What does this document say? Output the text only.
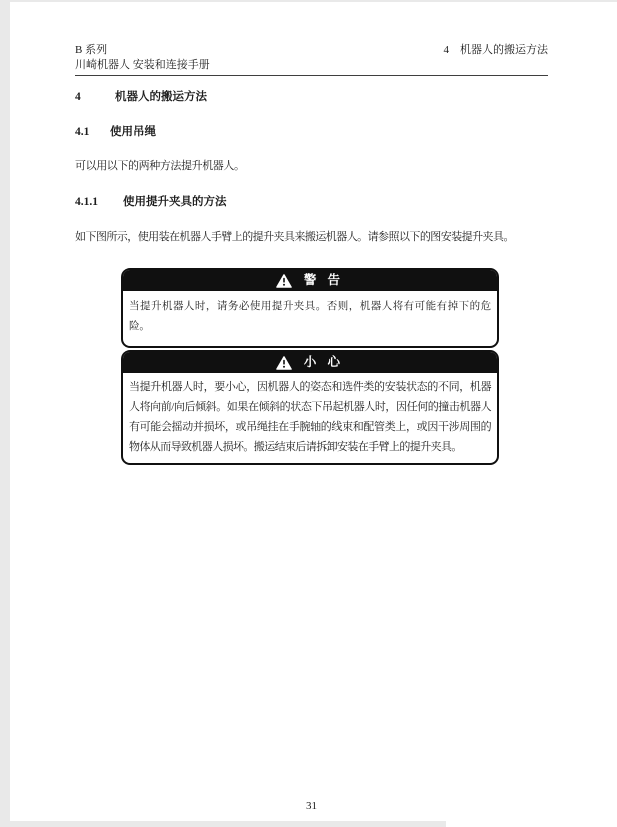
B 系列	4　机器人的搬运方法
川崎机器人 安装和连接手册
4	机器人的搬运方法
4.1 使用吊绳
可以用以下的两种方法提升机器人。
4.1.1 使用提升夹具的方法
如下图所示，使用装在机器人手臂上的提升夹具来搬运机器人。请参照以下的图安装提升夹具。
警 告
当提升机器人时，请务必使用提升夹具。否则，机器人将有可能有掉下的危险。
小 心
当提升机器人时，要小心，因机器人的姿态和选件类的安装状态的不同，机器人将向前/向后倾斜。如果在倾斜的状态下吊起机器人时，因任何的撞击机器人有可能会摇动并损坏，或吊绳挂在手腕轴的线束和配管类上，或因干涉周围的物体从而导致机器人损坏。搬运结束后请拆卸安装在手臂上的提升夹具。
31
